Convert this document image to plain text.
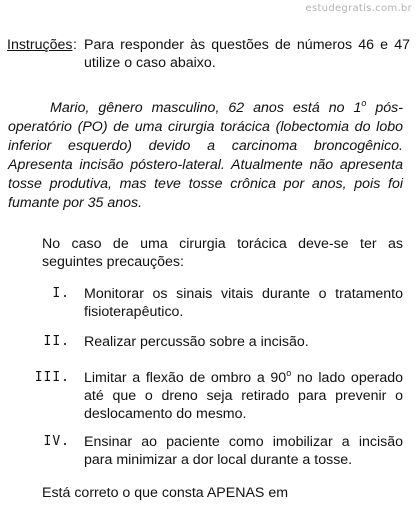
estudegratis.com.br
Instruções : Para responder às questões de números 46 e 47 utilize o caso abaixo.
Mario, gênero masculino, 62 anos está no 1$^o$ pós-operatório (PO) de uma cirurgia torácica (lobectomia do lobo inferior esquerdo) devido a carcinoma broncogênico. Apresenta incisão póstero-lateral. Atualmente não apresenta tosse produtiva, mas teve tosse crônica por anos, pois foi fumante por 35 anos.
No caso de uma cirurgia torácica deve-se ter as seguintes precauções:
I. Monitorar os sinais vitais durante o tratamento fisioterapêutico.
II. Realizar percussão sobre a incisão.
III. Limitar a flexão de ombro a 90$^o$ no lado operado até que o dreno seja retirado para prevenir o deslocamento do mesmo.
IV. Ensinar ao paciente como imobilizar a incisão para minimizar a dor local durante a tosse.
Está correto o que consta APENAS em
